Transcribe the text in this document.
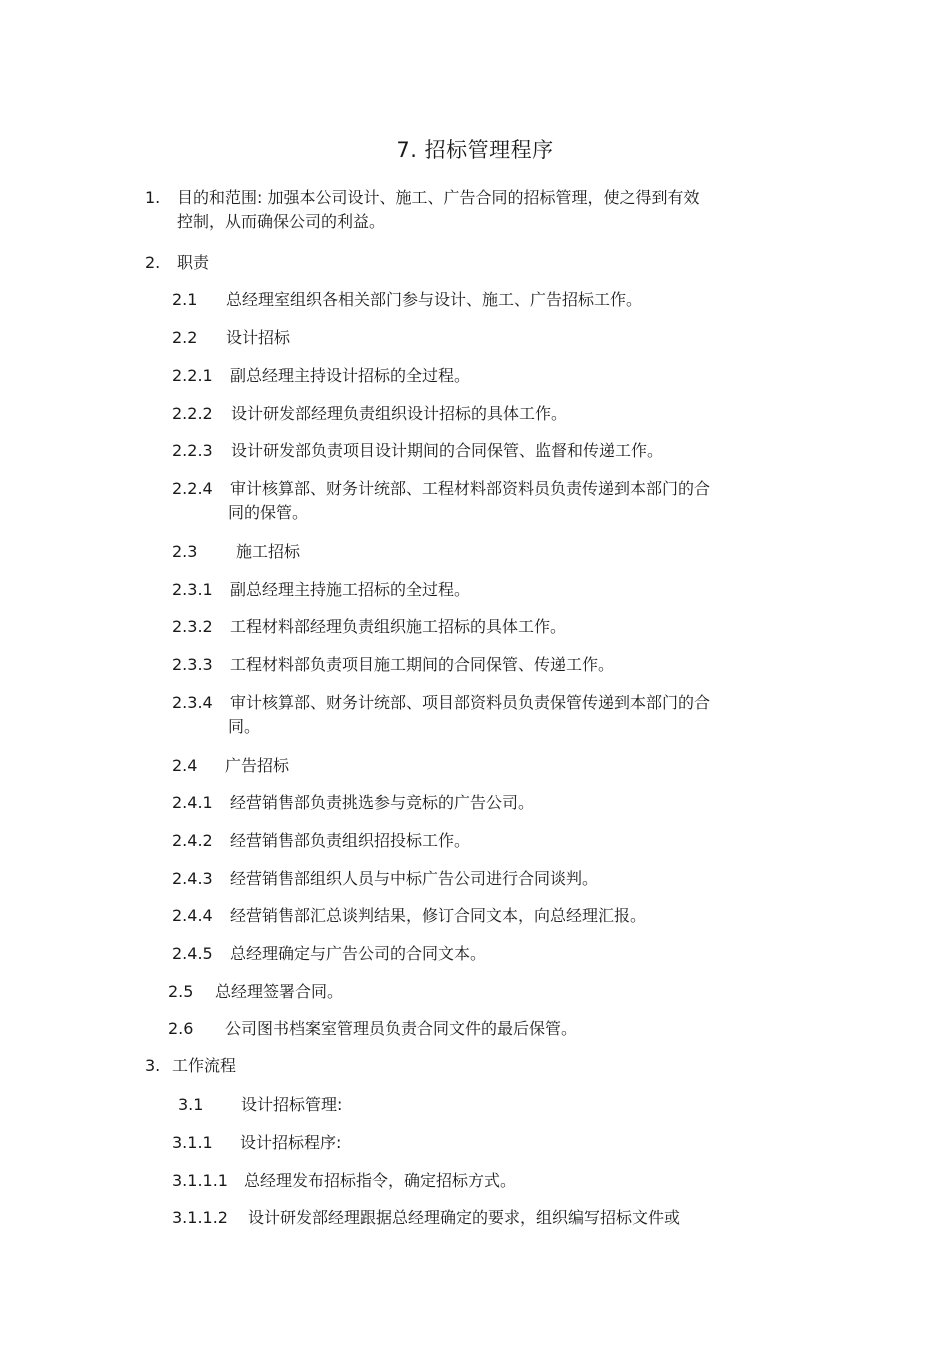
7. 招标管理程序
1. 目的和范围: 加强本公司设计、施工、广告合同的招标管理，使之得到有效
控制，从而确保公司的利益。
2. 职责
2.1 总经理室组织各相关部门参与设计、施工、广告招标工作。
2.2 设计招标
2.2.1 副总经理主持设计招标的全过程。
2.2.2 设计研发部经理负责组织设计招标的具体工作。
2.2.3 设计研发部负责项目设计期间的合同保管、监督和传递工作。
2.2.4 审计核算部、财务计统部、工程材料部资料员负责传递到本部门的合
同的保管。
2.3 施工招标
2.3.1 副总经理主持施工招标的全过程。
2.3.2 工程材料部经理负责组织施工招标的具体工作。
2.3.3 工程材料部负责项目施工期间的合同保管、传递工作。
2.3.4 审计核算部、财务计统部、项目部资料员负责保管传递到本部门的合
同。
2.4 广告招标
2.4.1 经营销售部负责挑选参与竞标的广告公司。
2.4.2 经营销售部负责组织招投标工作。
2.4.3 经营销售部组织人员与中标广告公司进行合同谈判。
2.4.4 经营销售部汇总谈判结果，修订合同文本，向总经理汇报。
2.4.5 总经理确定与广告公司的合同文本。
2.5 总经理签署合同。
2.6 公司图书档案室管理员负责合同文件的最后保管。
3. 工作流程
3.1 设计招标管理:
3.1.1 设计招标程序:
3.1.1.1 总经理发布招标指令，确定招标方式。
3.1.1.2 设计研发部经理跟据总经理确定的要求，组织编写招标文件或
